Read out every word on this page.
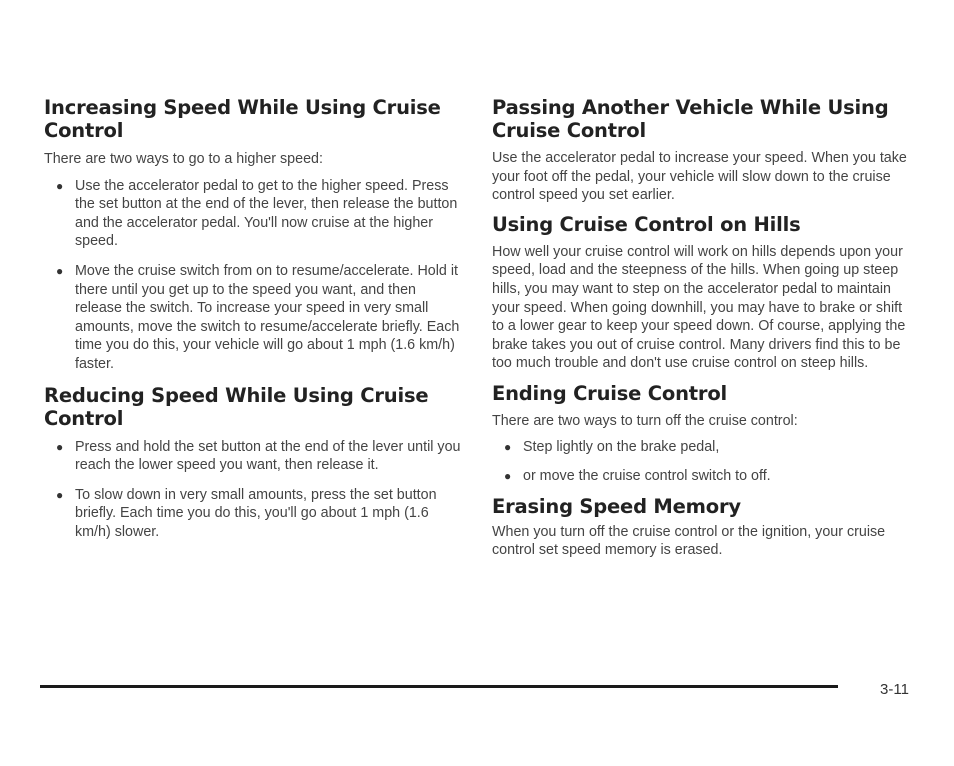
Increasing Speed While Using Cruise Control

There are two ways to go to a higher speed:

● Use the accelerator pedal to get to the higher speed. Press the set button at the end of the lever, then release the button and the accelerator pedal. You'll now cruise at the higher speed.
● Move the cruise switch from on to resume/accelerate. Hold it there until you get up to the speed you want, and then release the switch. To increase your speed in very small amounts, move the switch to resume/accelerate briefly. Each time you do this, your vehicle will go about 1 mph (1.6 km/h) faster.
Reducing Speed While Using Cruise Control
● Press and hold the set button at the end of the lever until you reach the lower speed you want, then release it.
● To slow down in very small amounts, press the set button briefly. Each time you do this, you'll go about 1 mph (1.6 km/h) slower.
Passing Another Vehicle While Using Cruise Control

Use the accelerator pedal to increase your speed. When you take your foot off the pedal, your vehicle will slow down to the cruise control speed you set earlier.

Using Cruise Control on Hills

How well your cruise control will work on hills depends upon your speed, load and the steepness of the hills. When going up steep hills, you may want to step on the accelerator pedal to maintain your speed. When going downhill, you may have to brake or shift to a lower gear to keep your speed down. Of course, applying the brake takes you out of cruise control. Many drivers find this to be too much trouble and don't use cruise control on steep hills.

Ending Cruise Control

There are two ways to turn off the cruise control:

● Step lightly on the brake pedal,
● or move the cruise control switch to off.
Erasing Speed Memory

When you turn off the cruise control or the ignition, your cruise control set speed memory is erased.

3-11
